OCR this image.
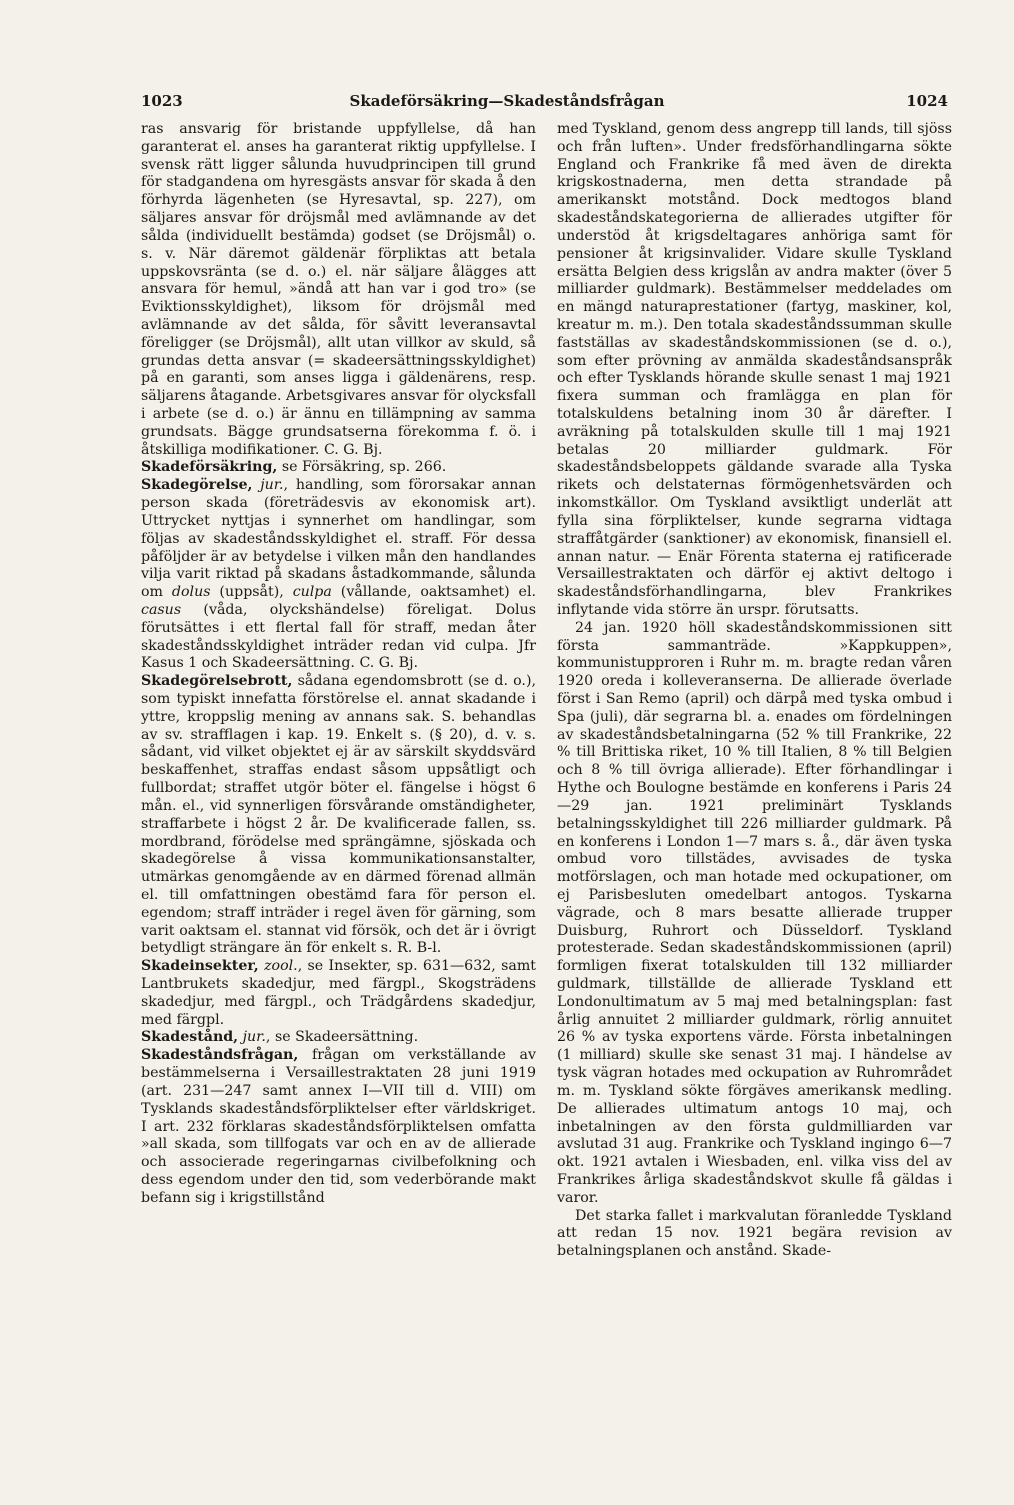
Skadeförsäkring—Skadeståndsfrågan
1023	1024

ras ansvarig för bristande uppfyllelse, då han garanterat el. anses ha garanterat riktig uppfyllelse. I svensk rätt ligger sålunda huvudprincipen till grund för stadgandena om hyresgästs ansvar för skada å den förhyrda lägenheten (se Hyresavtal, sp. 227), om säljares ansvar för dröjsmål med avlämnande av det sålda (individuellt bestämda) godset (se Dröjsmål) o. s. v. När däremot gäldenär förpliktas att betala uppskovsränta (se d. o.) el. när säljare ålägges att ansvara för hemul, »ändå att han var i god tro» (se Eviktionsskyldighet), liksom för dröjsmål med avlämnande av det sålda, för såvitt leveransavtal föreligger (se Dröjsmål), allt utan villkor av skuld, så grundas detta ansvar (= skadeersättningsskyldighet) på en garanti, som anses ligga i gäldenärens, resp. säljarens åtagande. Arbetsgivares ansvar för olycksfall i arbete (se d. o.) är ännu en tillämpning av samma grundsats. Bägge grundsatserna förekomma f. ö. i åtskilliga modifikationer. C. G. Bj.

Skadeförsäkring, se Försäkring, sp. 266.

Skadegörelse, jur., handling, som förorsakar annan person skada (företrädesvis av ekonomisk art). Uttrycket nyttjas i synnerhet om handlingar, som följas av skadeståndsskyldighet el. straff. För dessa påföljder är av betydelse i vilken mån den handlandes vilja varit riktad på skadans åstadkommande, sålunda om dolus (uppsåt), culpa (vållande, oaktsamhet) el. casus (våda, olyckshändelse) föreligat. Dolus förutsättes i ett flertal fall för straff, medan åter skadeståndsskyldighet inträder redan vid culpa. Jfr Kasus 1 och Skadeersättning. C. G. Bj.

Skadegörelsebrott, sådana egendomsbrott (se d. o.), som typiskt innefatta förstörelse el. annat skadande i yttre, kroppslig mening av annans sak. S. behandlas av sv. strafflagen i kap. 19. Enkelt s. (§ 20), d. v. s. sådant, vid vilket objektet ej är av särskilt skyddsvärd beskaffenhet, straffas endast såsom uppsåtligt och fullbordat; straffet utgör böter el. fängelse i högst 6 mån. el., vid synnerligen försvårande omständigheter, straffarbete i högst 2 år. De kvalificerade fallen, ss. mordbrand, förödelse med sprängämne, sjöskada och skadegörelse å vissa kommunikationsanstalter, utmärkas genomgående av en därmed förenad allmän el. till omfattningen obestämd fara för person el. egendom; straff inträder i regel även för gärning, som varit oaktsam el. stannat vid försök, och det är i övrigt betydligt strängare än för enkelt s. R. B-l.

Skadeinsekter, zool., se Insekter, sp. 631—632, samt Lantbrukets skadedjur, med färgpl., Skogsträdens skadedjur, med färgpl., och Trädgårdens skadedjur, med färgpl.

Skadestånd, jur., se Skadeersättning.

Skadeståndsfrågan, frågan om verkställande av bestämmelserna i Versaillestraktaten 28 juni 1919 (art. 231—247 samt annex I—VII till d. VIII) om Tysklands skadeståndsförpliktelser efter världskriget. I art. 232 förklaras skadeståndsförpliktelsen omfatta »all skada, som tillfogats var och en av de allierade och associerade regeringarnas civilbefolkning och dess egendom under den tid, som vederbörande makt befann sig i krigstillstånd

med Tyskland, genom dess angrepp till lands, till sjöss och från luften». Under fredsförhandlingarna sökte England och Frankrike få med även de direkta krigskostnaderna, men detta strandade på amerikanskt motstånd. Dock medtogos bland skadeståndskategorierna de allierades utgifter för understöd åt krigsdeltagares anhöriga samt för pensioner åt krigsinvalider. Vidare skulle Tyskland ersätta Belgien dess krigslån av andra makter (över 5 milliarder guldmark). Bestämmelser meddelades om en mängd naturaprestationer (fartyg, maskiner, kol, kreatur m. m.). Den totala skadeståndssumman skulle fastställas av skadeståndskommissionen (se d. o.), som efter prövning av anmälda skadeståndsanspråk och efter Tysklands hörande skulle senast 1 maj 1921 fixera summan och framlägga en plan för totalskuldens betalning inom 30 år därefter. I avräkning på totalskulden skulle till 1 maj 1921 betalas 20 milliarder guldmark. För skadeståndsbeloppets gäldande svarade alla Tyska rikets och delstaternas förmögenhetsvärden och inkomstkällor. Om Tyskland avsiktligt underlät att fylla sina förpliktelser, kunde segrarna vidtaga straffåtgärder (sanktioner) av ekonomisk, finansiell el. annan natur. — Enär Förenta staterna ej ratificerade Versaillestraktaten och därför ej aktivt deltogo i skadeståndsförhandlingarna, blev Frankrikes inflytande vida större än urspr. förutsatts.

24 jan. 1920 höll skadeståndskommissionen sitt första sammanträde. »Kappkuppen», kommunistupproren i Ruhr m. m. bragte redan våren 1920 oreda i kolleveranserna. De allierade överlade först i San Remo (april) och därpå med tyska ombud i Spa (juli), där segrarna bl. a. enades om fördelningen av skadeståndsbetalningarna (52 % till Frankrike, 22 % till Brittiska riket, 10 % till Italien, 8 % till Belgien och 8 % till övriga allierade). Efter förhandlingar i Hythe och Boulogne bestämde en konferens i Paris 24—29 jan. 1921 preliminärt Tysklands betalningsskyldighet till 226 milliarder guldmark. På en konferens i London 1—7 mars s. å., där även tyska ombud voro tillstädes, avvisades de tyska motförslagen, och man hotade med ockupationer, om ej Parisbesluten omedelbart antogos. Tyskarna vägrade, och 8 mars besatte allierade trupper Duisburg, Ruhrort och Düsseldorf. Tyskland protesterade. Sedan skadeståndskommissionen (april) formligen fixerat totalskulden till 132 milliarder guldmark, tillställde de allierade Tyskland ett Londonultimatum av 5 maj med betalningsplan: fast årlig annuitet 2 milliarder guldmark, rörlig annuitet 26 % av tyska exportens värde. Första inbetalningen (1 milliard) skulle ske senast 31 maj. I händelse av tysk vägran hotades med ockupation av Ruhrområdet m. m. Tyskland sökte förgäves amerikansk medling. De allierades ultimatum antogs 10 maj, och inbetalningen av den första guldmilliarden var avslutad 31 aug. Frankrike och Tyskland ingingo 6—7 okt. 1921 avtalen i Wiesbaden, enl. vilka viss del av Frankrikes årliga skadeståndskvot skulle få gäldas i varor.

Det starka fallet i markvalutan föranledde Tyskland att redan 15 nov. 1921 begära revision av betalningsplanen och anstånd. Skade-
